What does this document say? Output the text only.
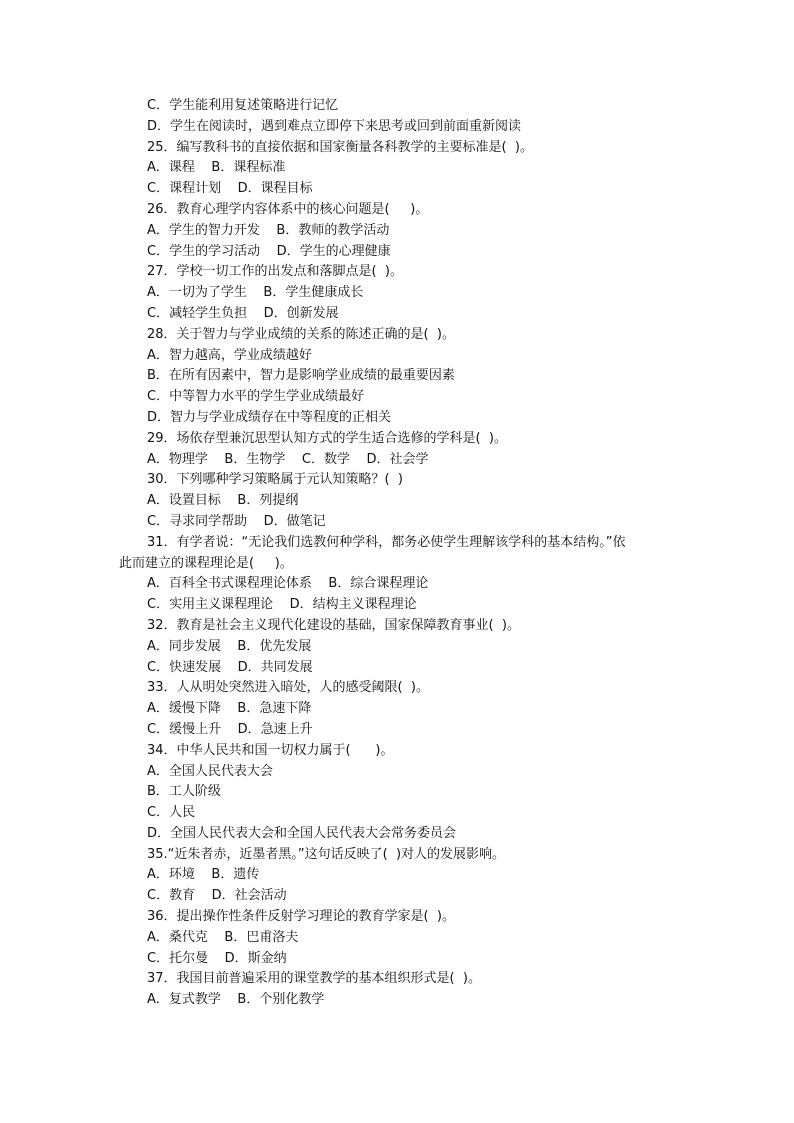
C．学生能利用复述策略进行记忆

D．学生在阅读时，遇到难点立即停下来思考或回到前面重新阅读

25．编写教科书的直接依据和国家衡量各科教学的主要标准是(  )。

A．课程    B．课程标准

C．课程计划    D．课程目标

26．教育心理学内容体系中的核心问题是(     )。

A．学生的智力开发    B．教师的教学活动

C．学生的学习活动    D．学生的心理健康

27．学校一切工作的出发点和落脚点是(  )。

A．一切为了学生    B．学生健康成长

C．减轻学生负担    D．创新发展

28．关于智力与学业成绩的关系的陈述正确的是(  )。

A．智力越高，学业成绩越好

B．在所有因素中，智力是影响学业成绩的最重要因素

C．中等智力水平的学生学业成绩最好

D．智力与学业成绩存在中等程度的正相关

29．场依存型兼沉思型认知方式的学生适合选修的学科是(  )。

A．物理学    B．生物学    C．数学    D．社会学

30．下列哪种学习策略属于元认知策略？(  )

A．设置目标    B．列提纲

C．寻求同学帮助    D．做笔记

31．有学者说：“无论我们选教何种学科，都务必使学生理解该学科的基本结构。”依
此而建立的课程理论是(     )。

A．百科全书式课程理论体系    B．综合课程理论

C．实用主义课程理论    D．结构主义课程理论

32．教育是社会主义现代化建设的基础，国家保障教育事业(  )。

A．同步发展    B．优先发展

C．快速发展    D．共同发展

33．人从明处突然进入暗处，人的感受阈限(  )。

A．缓慢下降    B．急速下降

C．缓慢上升    D．急速上升

34．中华人民共和国一切权力属于(      )。

A．全国人民代表大会

B．工人阶级

C．人民

D．全国人民代表大会和全国人民代表大会常务委员会

35.“近朱者赤，近墨者黑。”这句话反映了(  )对人的发展影响。

A．环境    B．遗传

C．教育    D．社会活动

36．提出操作性条件反射学习理论的教育学家是(  )。

A．桑代克    B．巴甫洛夫

C．托尔曼    D．斯金纳

37．我国目前普遍采用的课堂教学的基本组织形式是(  )。

A．复式教学    B．个别化教学
